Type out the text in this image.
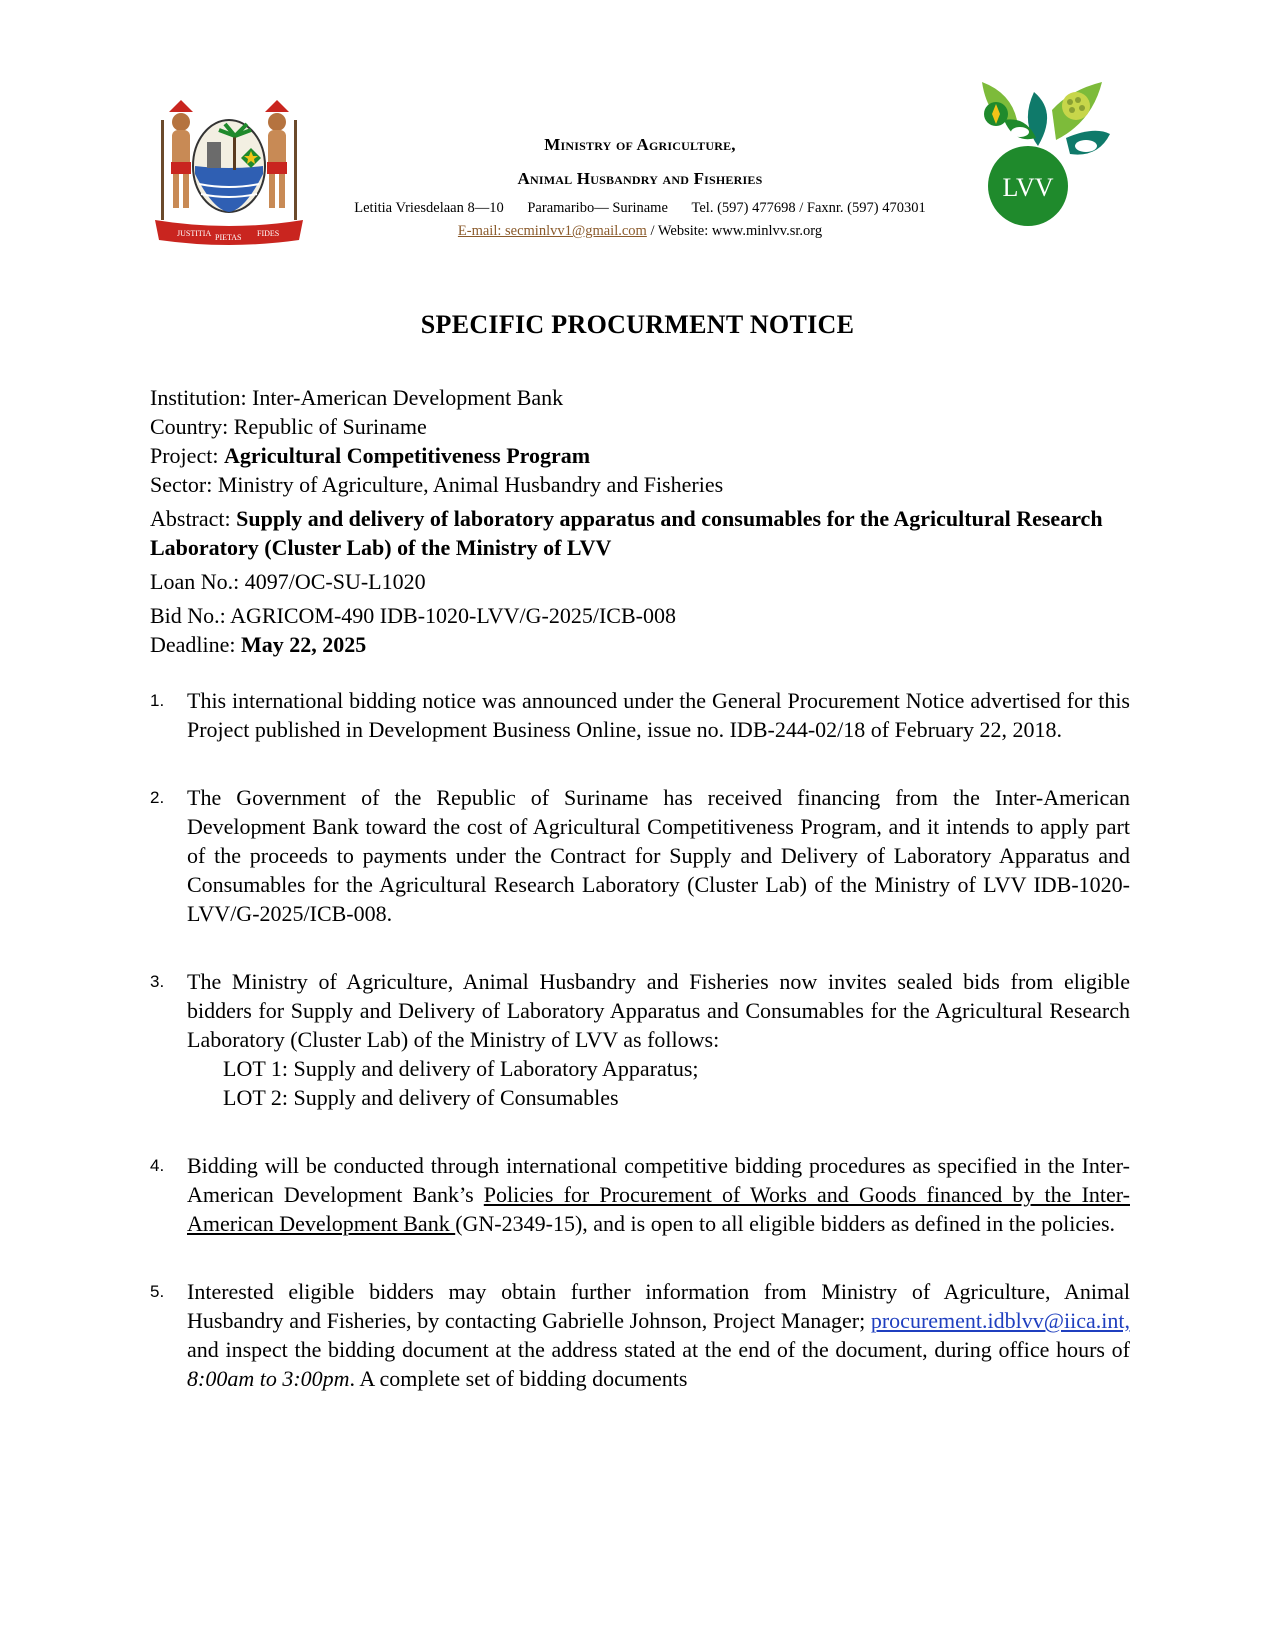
JUSTITIA PIETAS FIDES
LVV

Ministry of Agriculture,

Animal Husbandry and Fisheries

Letitia Vriesdelaan 8—10 Paramaribo— Suriname Tel. (597) 477698 / Faxnr. (597) 470301
E-mail: secminlvv1@gmail.com / Website: www.minlvv.sr.org
SPECIFIC PROCURMENT NOTICE

Institution: Inter-American Development Bank

Country: Republic of Suriname

Project: Agricultural Competitiveness Program

Sector: Ministry of Agriculture, Animal Husbandry and Fisheries

Abstract: Supply and delivery of laboratory apparatus and consumables for the Agricultural Research Laboratory (Cluster Lab) of the Ministry of LVV

Loan No.: 4097/OC-SU-L1020

Bid No.: AGRICOM-490 IDB-1020-LVV/G-2025/ICB-008

Deadline: May 22, 2025

1. This international bidding notice was announced under the General Procurement Notice advertised for this Project published in Development Business Online, issue no. IDB-244-02/18 of February 22, 2018.

2. The Government of the Republic of Suriname has received financing from the Inter-American Development Bank toward the cost of Agricultural Competitiveness Program, and it intends to apply part of the proceeds to payments under the Contract for Supply and Delivery of Laboratory Apparatus and Consumables for the Agricultural Research Laboratory (Cluster Lab) of the Ministry of LVV IDB-1020-LVV/G-2025/ICB-008.

3. The Ministry of Agriculture, Animal Husbandry and Fisheries now invites sealed bids from eligible bidders for Supply and Delivery of Laboratory Apparatus and Consumables for the Agricultural Research Laboratory (Cluster Lab) of the Ministry of LVV as follows:

LOT 1: Supply and delivery of Laboratory Apparatus;

LOT 2: Supply and delivery of Consumables

4. Bidding will be conducted through international competitive bidding procedures as specified in the Inter-American Development Bank’s Policies for Procurement of Works and Goods financed by the Inter-American Development Bank (GN-2349-15), and is open to all eligible bidders as defined in the policies.

5. Interested eligible bidders may obtain further information from Ministry of Agriculture, Animal Husbandry and Fisheries, by contacting Gabrielle Johnson, Project Manager; procurement.idblvv@iica.int, and inspect the bidding document at the address stated at the end of the document, during office hours of 8:00am to 3:00pm. A complete set of bidding documents
